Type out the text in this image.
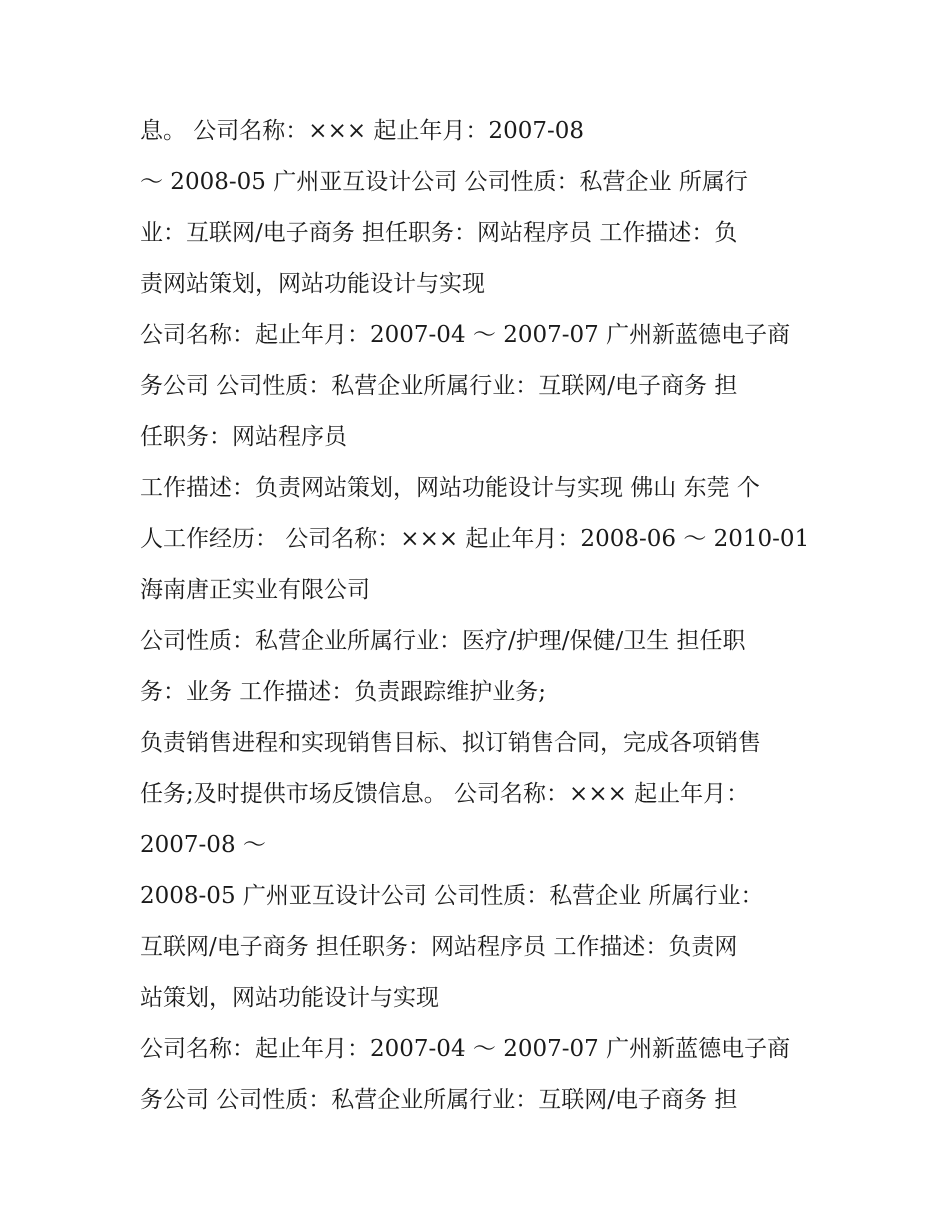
息。 公司名称：××× 起止年月：2007-08
～ 2008-05 广州亚互设计公司 公司性质：私营企业 所属行
业：互联网/电子商务 担任职务：网站程序员 工作描述：负
责网站策划，网站功能设计与实现
公司名称：起止年月：2007-04 ～ 2007-07 广州新蓝德电子商
务公司 公司性质：私营企业所属行业：互联网/电子商务 担
任职务：网站程序员
工作描述：负责网站策划，网站功能设计与实现 佛山 东莞 个
人工作经历： 公司名称：××× 起止年月：2008-06 ～ 2010-01
海南唐正实业有限公司
公司性质：私营企业所属行业：医疗/护理/保健/卫生 担任职
务：业务 工作描述：负责跟踪维护业务;
负责销售进程和实现销售目标、拟订销售合同，完成各项销售
任务;及时提供市场反馈信息。 公司名称：××× 起止年月：
2007-08 ～
2008-05 广州亚互设计公司 公司性质：私营企业 所属行业：
互联网/电子商务 担任职务：网站程序员 工作描述：负责网
站策划，网站功能设计与实现
公司名称：起止年月：2007-04 ～ 2007-07 广州新蓝德电子商
务公司 公司性质：私营企业所属行业：互联网/电子商务 担
